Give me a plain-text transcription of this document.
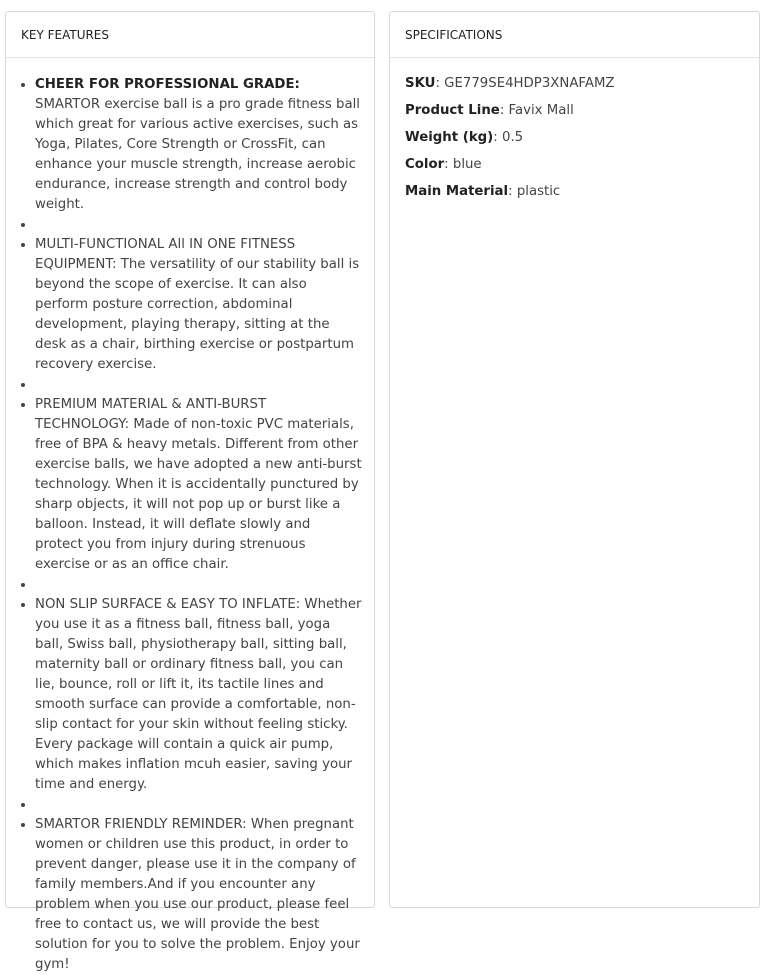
KEY FEATURES
• CHEER FOR PROFESSIONAL GRADE: SMARTOR exercise ball is a pro grade fitness ball which great for various active exercises, such as Yoga, Pilates, Core Strength or CrossFit, can enhance your muscle strength, increase aerobic endurance, increase strength and control body weight.
•
• MULTI-FUNCTIONAL All IN ONE FITNESS EQUIPMENT: The versatility of our stability ball is beyond the scope of exercise. It can also perform posture correction, abdominal development, playing therapy, sitting at the desk as a chair, birthing exercise or postpartum recovery exercise.
•
• PREMIUM MATERIAL & ANTI-BURST TECHNOLOGY: Made of non-toxic PVC materials, free of BPA & heavy metals. Different from other exercise balls, we have adopted a new anti-burst technology. When it is accidentally punctured by sharp objects, it will not pop up or burst like a balloon. Instead, it will deflate slowly and protect you from injury during strenuous exercise or as an office chair.
•
• NON SLIP SURFACE & EASY TO INFLATE: Whether you use it as a fitness ball, fitness ball, yoga ball, Swiss ball, physiotherapy ball, sitting ball, maternity ball or ordinary fitness ball, you can lie, bounce, roll or lift it, its tactile lines and smooth surface can provide a comfortable, non-slip contact for your skin without feeling sticky. Every package will contain a quick air pump, which makes inflation mcuh easier, saving your time and energy.
•
• SMARTOR FRIENDLY REMINDER: When pregnant women or children use this product, in order to prevent danger, please use it in the company of family members.And if you encounter any problem when you use our product, please feel free to contact us, we will provide the best solution for you to solve the problem. Enjoy your gym!
SPECIFICATIONS
SKU: GE779SE4HDP3XNAFAMZ
Product Line: Favix Mall
Weight (kg): 0.5
Color: blue
Main Material: plastic
